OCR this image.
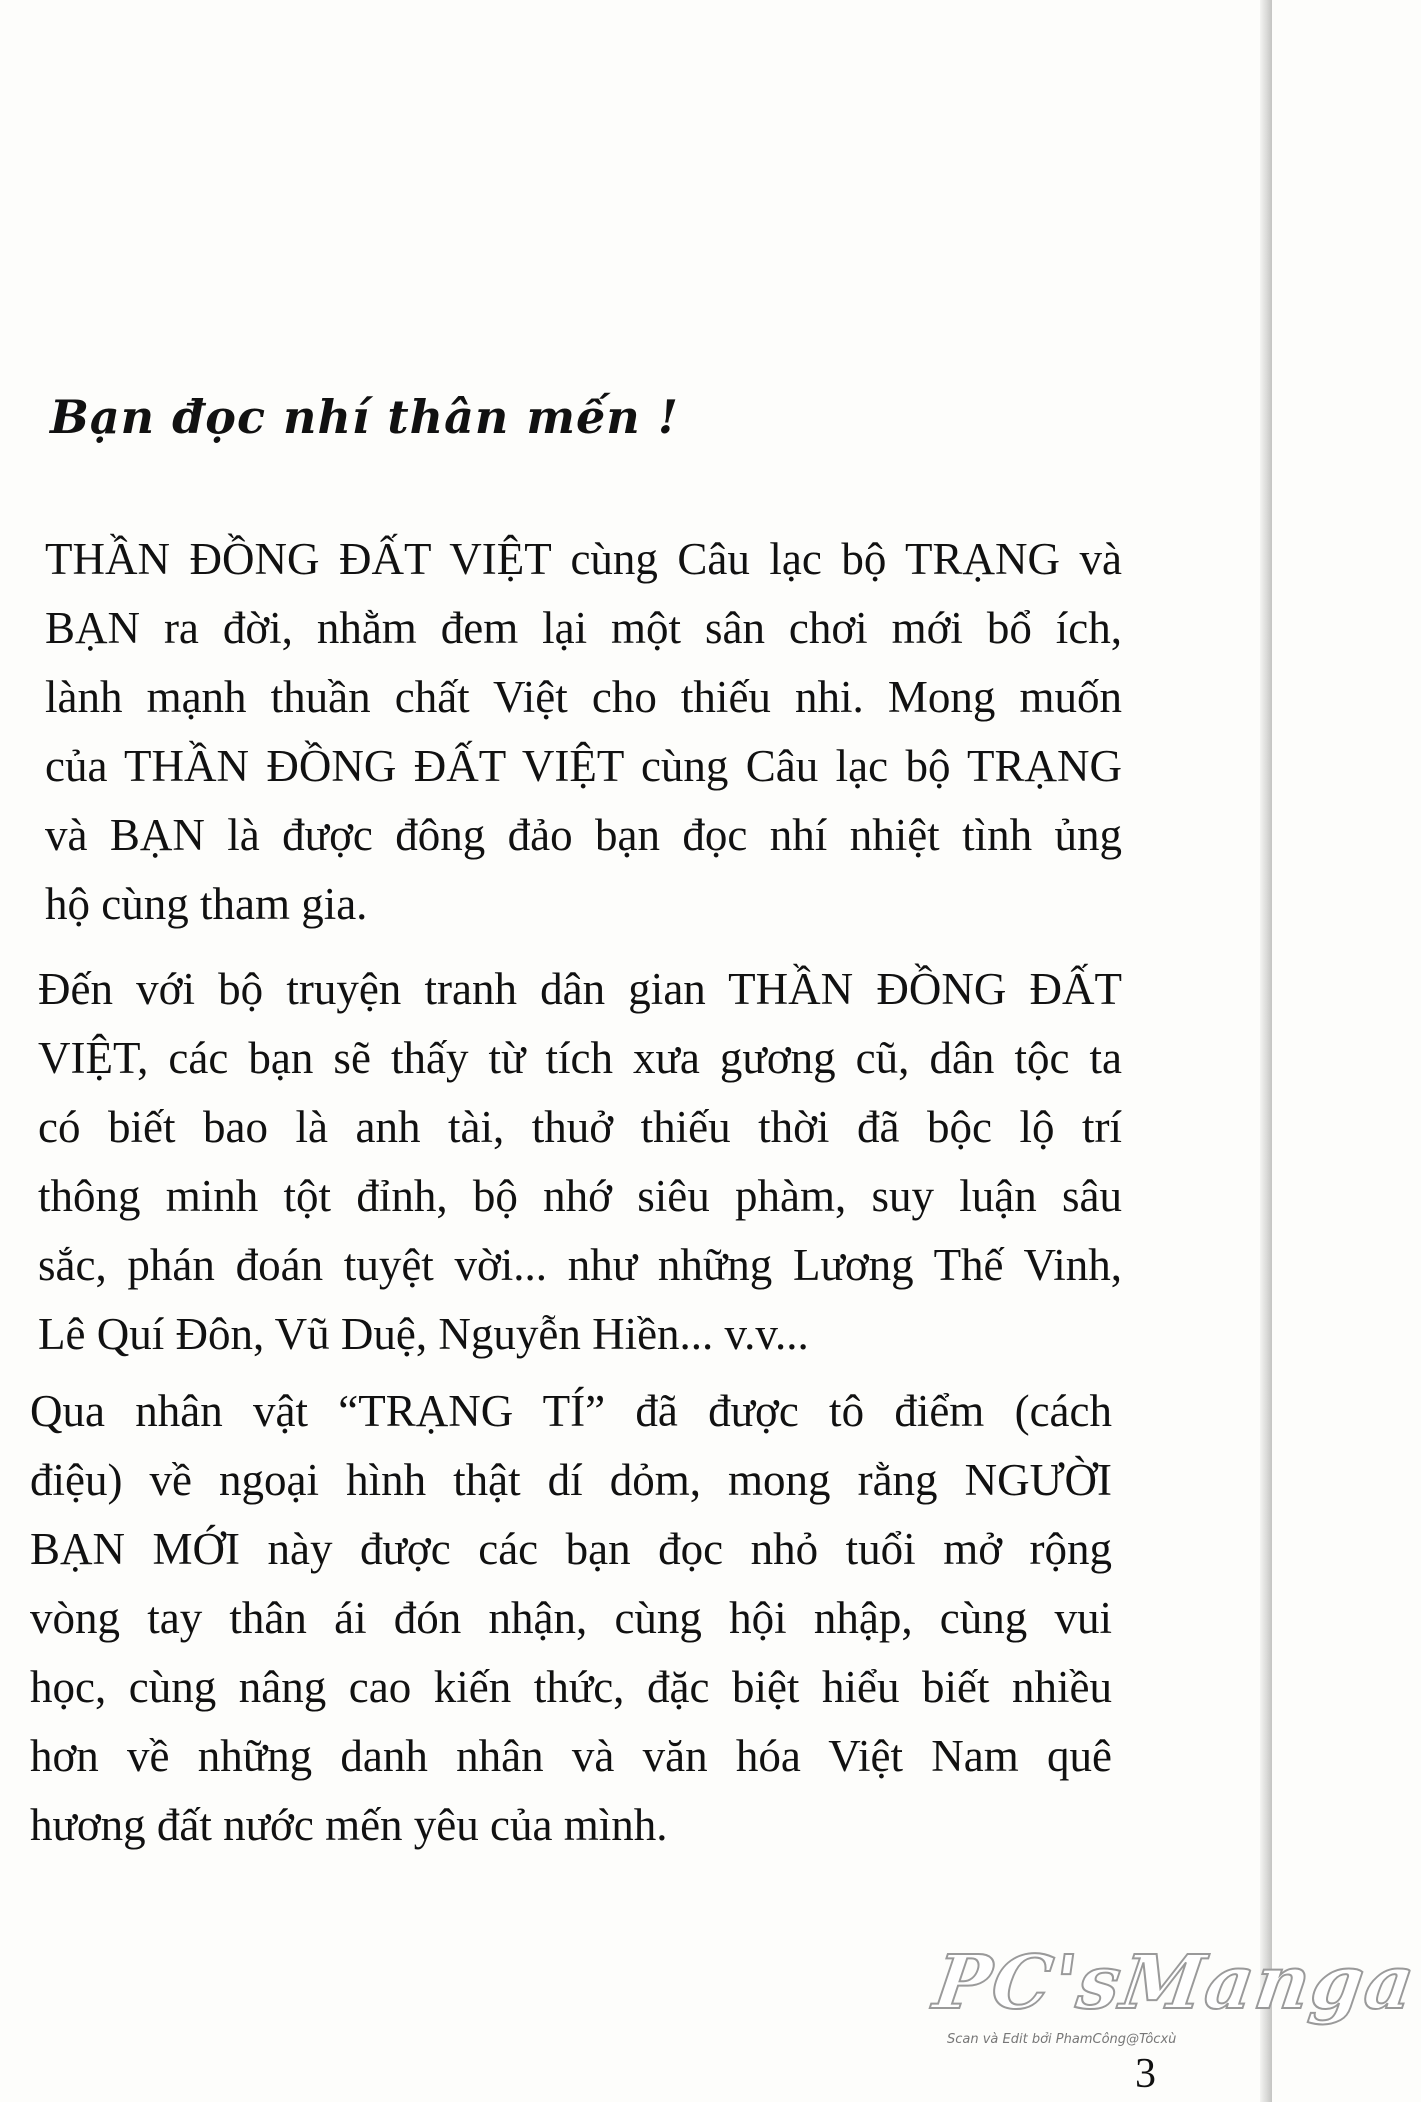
Bạn đọc nhí thân mến !
THẦN ĐỒNG ĐẤT VIỆT cùng Câu lạc bộ TRẠNG và
BẠN ra đời, nhằm đem lại một sân chơi mới bổ ích,
lành mạnh thuần chất Việt cho thiếu nhi. Mong muốn
của THẦN ĐỒNG ĐẤT VIỆT cùng Câu lạc bộ TRẠNG
và BẠN là được đông đảo bạn đọc nhí nhiệt tình ủng
hộ cùng tham gia.
Đến với bộ truyện tranh dân gian THẦN ĐỒNG ĐẤT
VIỆT, các bạn sẽ thấy từ tích xưa gương cũ, dân tộc ta
có biết bao là anh tài, thuở thiếu thời đã bộc lộ trí
thông minh tột đỉnh, bộ nhớ siêu phàm, suy luận sâu
sắc, phán đoán tuyệt vời... như những Lương Thế Vinh,
Lê Quí Đôn, Vũ Duệ, Nguyễn Hiền... v.v...
Qua nhân vật “TRẠNG TÍ” đã được tô điểm (cách
điệu) về ngoại hình thật dí dỏm, mong rằng NGƯỜI
BẠN MỚI này được các bạn đọc nhỏ tuổi mở rộng
vòng tay thân ái đón nhận, cùng hội nhập, cùng vui
học, cùng nâng cao kiến thức, đặc biệt hiểu biết nhiều
hơn về những danh nhân và văn hóa Việt Nam quê
hương đất nước mến yêu của mình.
PC'sManga
Scan và Edit bởi PhamCông@Tôcxù
3
